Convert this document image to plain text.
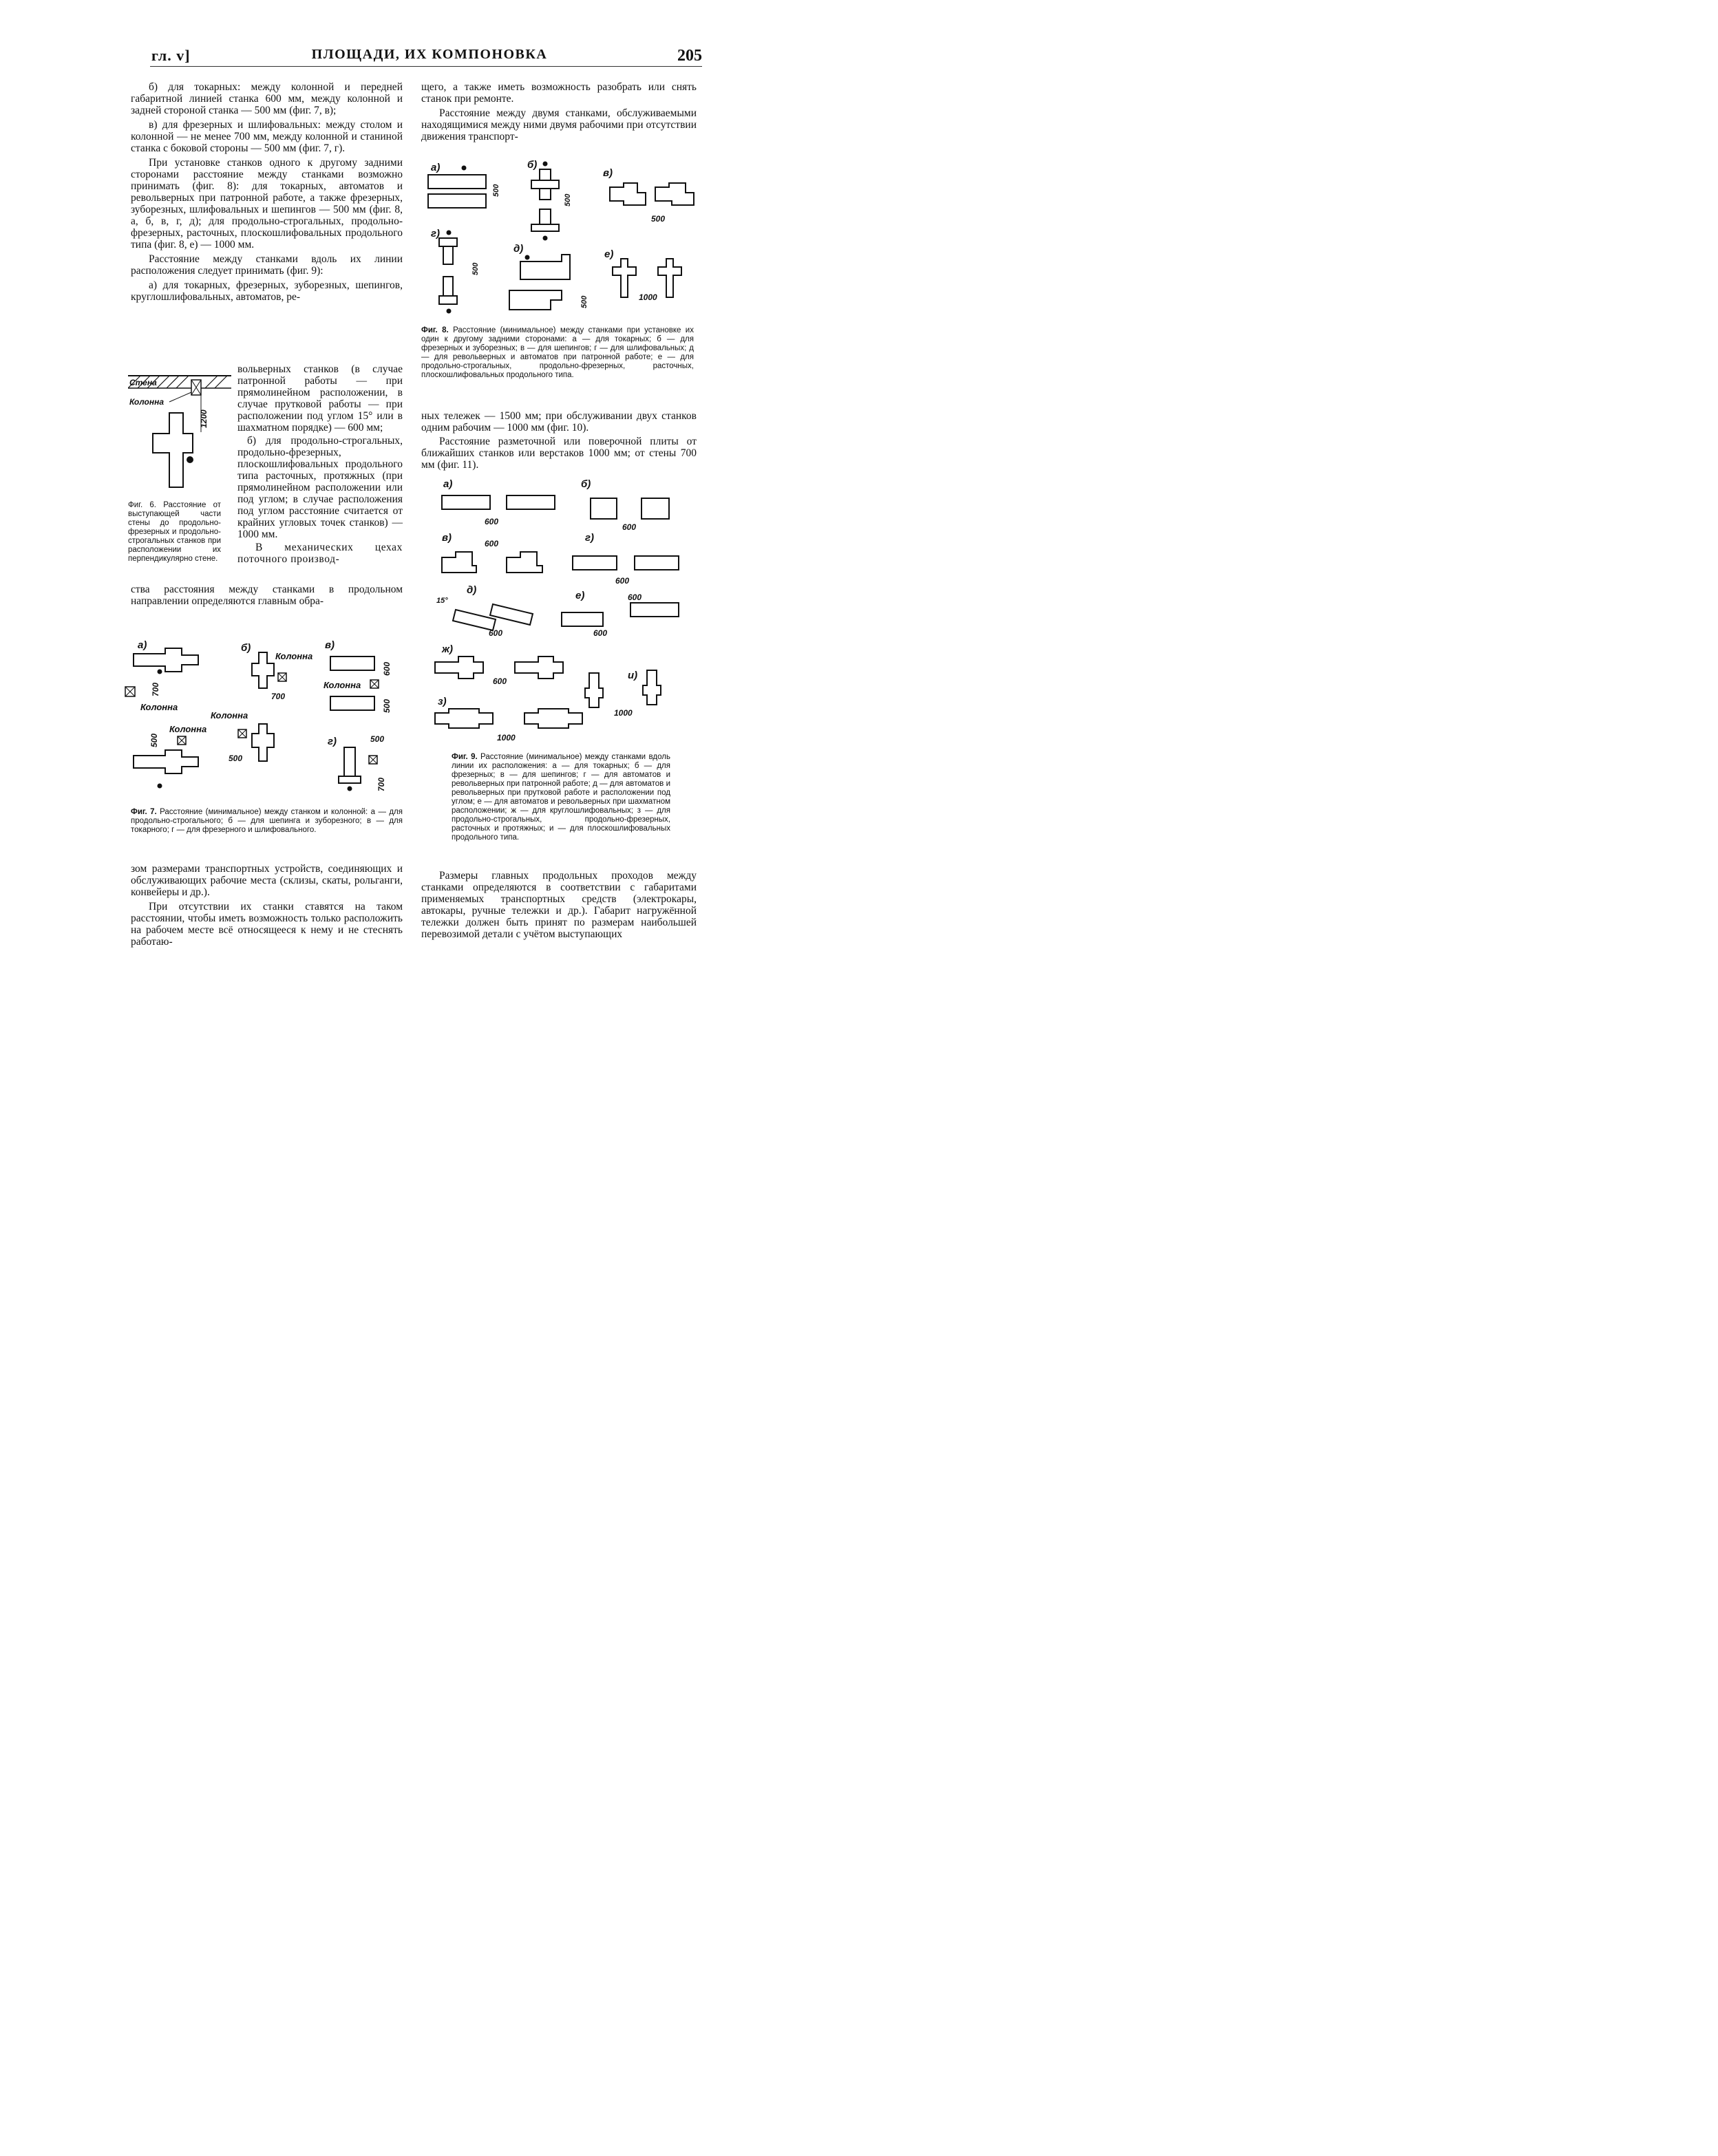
гл. v]	ПЛОЩАДИ, ИХ КОМПОНОВКА	205

б) для токарных: между колонной и передней габаритной линией станка 600 мм, между колонной и задней стороной станка — 500 мм (фиг. 7, в);

в) для фрезерных и шлифовальных: между столом и колонной — не менее 700 мм, между колонной и станиной станка с боковой стороны — 500 мм (фиг. 7, г).

При установке станков одного к другому задними сторонами расстояние между станками возможно принимать (фиг. 8): для токарных, автоматов и револьверных при патронной работе, а также фрезерных, зуборезных, шлифовальных и шепингов — 500 мм (фиг. 8, а, б, в, г, д); для продольно-строгальных, продольно-фрезерных, расточных, плоскошлифовальных продольного типа (фиг. 8, е) — 1000 мм.

Расстояние между станками вдоль их линии расположения следует принимать (фиг. 9):

а) для токарных, фрезерных, зуборезных, шепингов, круглошлифовальных, автоматов, ре-

Стена
Колонна
1200
Фиг. 6. Расстояние от выступающей части стены до продольно-фрезерных и продольно-строгальных станков при расположении их перпендикулярно стене.

вольверных станков (в случае патронной работы — при прямолинейном расположении, в случае прутковой работы — при расположении под углом 15° или в шахматном порядке) — 600 мм;

б) для продольно-строгальных, продольно-фрезерных, плоскошлифовальных продольного типа расточных, протяжных (при прямолинейном расположении или под углом; в случае расположения под углом расстояние считается от крайних угловых точек станков) — 1000 мм.

В механических цехах поточного производ-

ства расстояния между станками в продольном направлении определяются главным обра-

а)
700
Колонна
б)
Колонна
700
в)
Колонна
600
500
Колонна
500
Колонна
500
г)	500
700
Фиг. 7. Расстояние (минимальное) между станком и колонной: а — для продольно-строгального; б — для шепинга и зуборезного; в — для токарного; г — для фрезерного и шлифовального.

зом размерами транспортных устройств, соединяющих и обслуживающих рабочие места (склизы, скаты, рольганги, конвейеры и др.).

При отсутствии их станки ставятся на таком расстоянии, чтобы иметь возможность только расположить на рабочем месте всё относящееся к нему и не стеснять работаю-

щего, а также иметь возможность разобрать или снять станок при ремонте.

Расстояние между двумя станками, обслуживаемыми находящимися между ними двумя рабочими при отсутствии движения транспорт-

а)
500
б)
500
в)
500
г)
500
д)
500
е)
1000
Фиг. 8. Расстояние (минимальное) между станками при установке их один к другому задними сторонами: а — для токарных; б — для фрезерных и зуборезных; в — для шепингов; г — для шлифовальных; д — для револьверных и автоматов при патронной работе; е — для продольно-строгальных, продольно-фрезерных, расточных, плоскошлифовальных продольного типа.

ных тележек — 1500 мм; при обслуживании двух станков одним рабочим — 1000 мм (фиг. 10).

Расстояние разметочной или поверочной плиты от ближайших станков или верстаков 1000 мм; от стены 700 мм (фиг. 11).

а)
600
б)
600
в)	600	г)
600
д)
15°
600
е)
600
600
ж)
600	и)
1000
з)
1000
Фиг. 9. Расстояние (минимальное) между станками вдоль линии их расположения: а — для токарных; б — для фрезерных; в — для шепингов; г — для автоматов и револьверных при патронной работе; д — для автоматов и револьверных при прутковой работе и расположении под углом; е — для автоматов и револьверных при шахматном расположении; ж — для круглошлифовальных; з — для продольно-строгальных, продольно-фрезерных, расточных и протяжных; и — для плоскошлифовальных продольного типа.

Размеры главных продольных проходов между станками определяются в соответствии с габаритами применяемых транспортных средств (электрокары, автокары, ручные тележки и др.). Габарит нагружённой тележки должен быть принят по размерам наибольшей перевозимой детали с учётом выступающих
